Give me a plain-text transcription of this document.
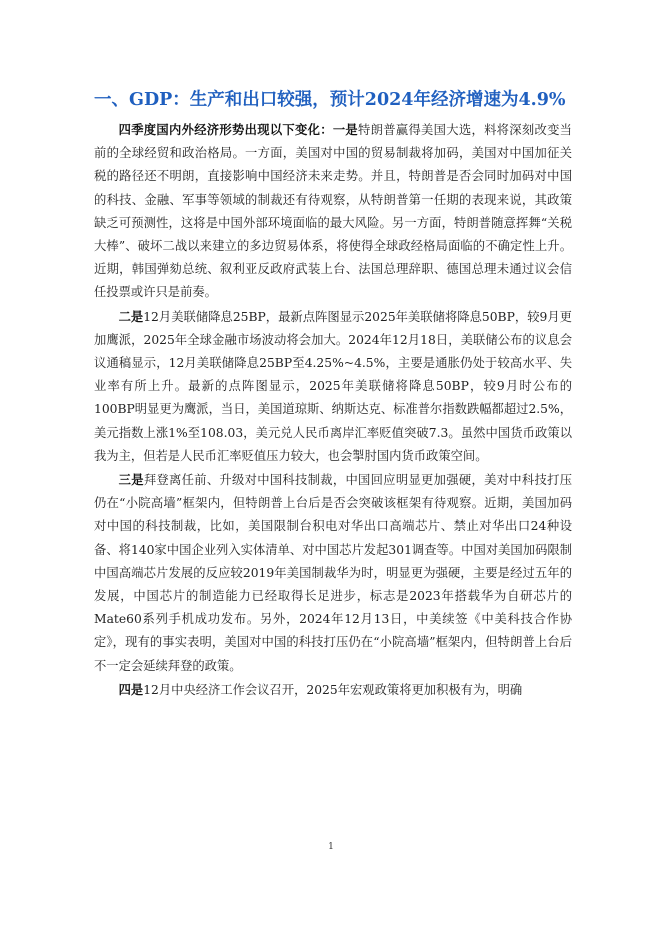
一、GDP：生产和出口较强，预计2024年经济增速为4.9%

四季度国内外经济形势出现以下变化：一是特朗普赢得美国大选，料将深刻改变当前的全球经贸和政治格局。一方面，美国对中国的贸易制裁将加码，美国对中国加征关税的路径还不明朗，直接影响中国经济未来走势。并且，特朗普是否会同时加码对中国的科技、金融、军事等领域的制裁还有待观察，从特朗普第一任期的表现来说，其政策缺乏可预测性，这将是中国外部环境面临的最大风险。另一方面，特朗普随意挥舞“关税大棒”、破坏二战以来建立的多边贸易体系，将使得全球政经格局面临的不确定性上升。近期，韩国弹劾总统、叙利亚反政府武装上台、法国总理辞职、德国总理未通过议会信任投票或许只是前奏。

二是12月美联储降息25BP，最新点阵图显示2025年美联储将降息50BP，较9月更加鹰派，2025年全球金融市场波动将会加大。2024年12月18日，美联储公布的议息会议通稿显示，12月美联储降息25BP至4.25%~4.5%，主要是通胀仍处于较高水平、失业率有所上升。最新的点阵图显示，2025年美联储将降息50BP，较9月时公布的100BP明显更为鹰派，当日，美国道琼斯、纳斯达克、标准普尔指数跌幅都超过2.5%，美元指数上涨1%至108.03，美元兑人民币离岸汇率贬值突破7.3。虽然中国货币政策以我为主，但若是人民币汇率贬值压力较大，也会掣肘国内货币政策空间。

三是拜登离任前、升级对中国科技制裁，中国回应明显更加强硬，美对中科技打压仍在“小院高墙”框架内，但特朗普上台后是否会突破该框架有待观察。近期，美国加码对中国的科技制裁，比如，美国限制台积电对华出口高端芯片、禁止对华出口24种设备、将140家中国企业列入实体清单、对中国芯片发起301调查等。中国对美国加码限制中国高端芯片发展的反应较2019年美国制裁华为时，明显更为强硬，主要是经过五年的发展，中国芯片的制造能力已经取得长足进步，标志是2023年搭载华为自研芯片的Mate60系列手机成功发布。另外，2024年12月13日，中美续签《中美科技合作协定》，现有的事实表明，美国对中国的科技打压仍在“小院高墙”框架内，但特朗普上台后不一定会延续拜登的政策。

四是12月中央经济工作会议召开，2025年宏观政策将更加积极有为，明确

1
